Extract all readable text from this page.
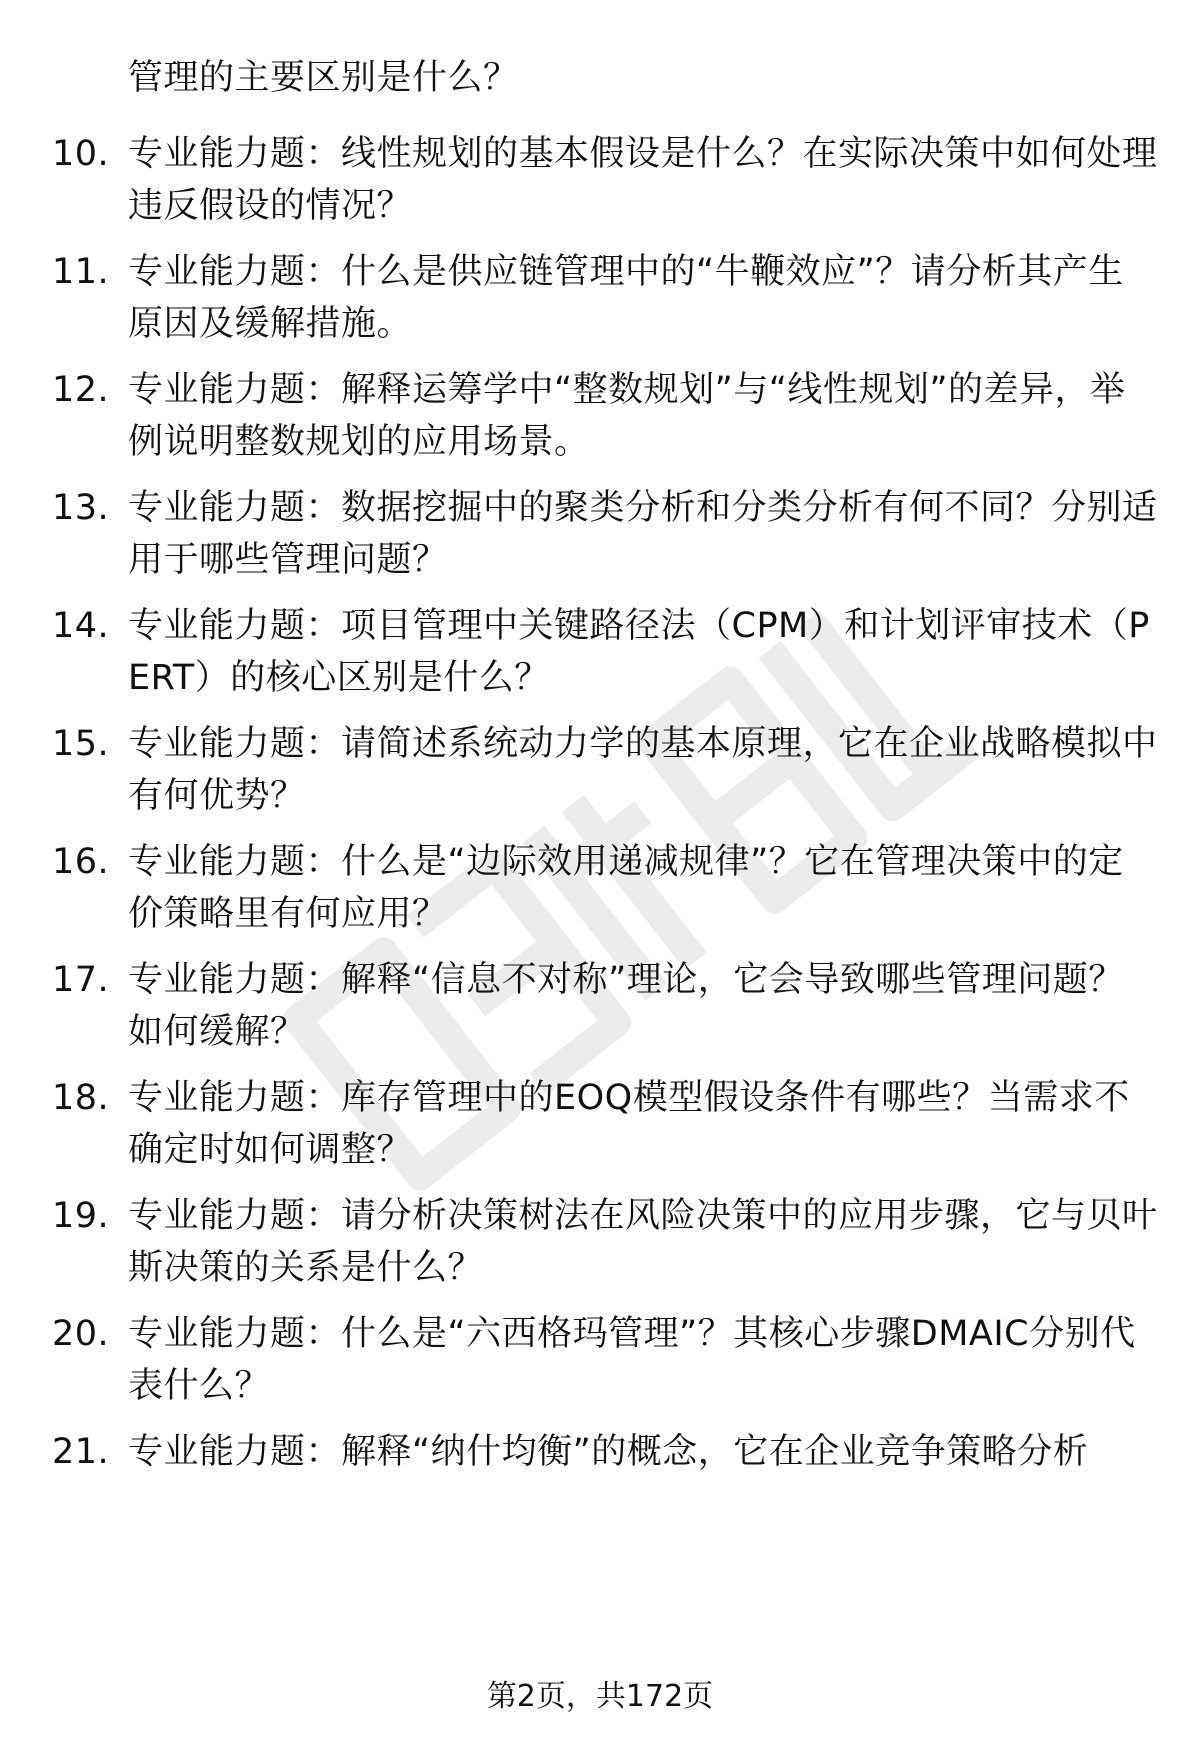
管理的主要区别是什么？
10. 专业能力题：线性规划的基本假设是什么？在实际决策中如何处理违反假设的情况？
11. 专业能力题：什么是供应链管理中的“牛鞭效应”？请分析其产生原因及缓解措施。
12. 专业能力题：解释运筹学中“整数规划”与“线性规划”的差异，举例说明整数规划的应用场景。
13. 专业能力题：数据挖掘中的聚类分析和分类分析有何不同？分别适用于哪些管理问题？
14. 专业能力题：项目管理中关键路径法（CPM）和计划评审技术（PERT）的核心区别是什么？
15. 专业能力题：请简述系统动力学的基本原理，它在企业战略模拟中有何优势？
16. 专业能力题：什么是“边际效用递减规律”？它在管理决策中的定价策略里有何应用？
17. 专业能力题：解释“信息不对称”理论，它会导致哪些管理问题？如何缓解？
18. 专业能力题：库存管理中的EOQ模型假设条件有哪些？当需求不确定时如何调整？
19. 专业能力题：请分析决策树法在风险决策中的应用步骤，它与贝叶斯决策的关系是什么？
20. 专业能力题：什么是“六西格玛管理”？其核心步骤DMAIC分别代表什么？
21. 专业能力题：解释“纳什均衡”的概念，它在企业竞争策略分析
第2页，共172页
